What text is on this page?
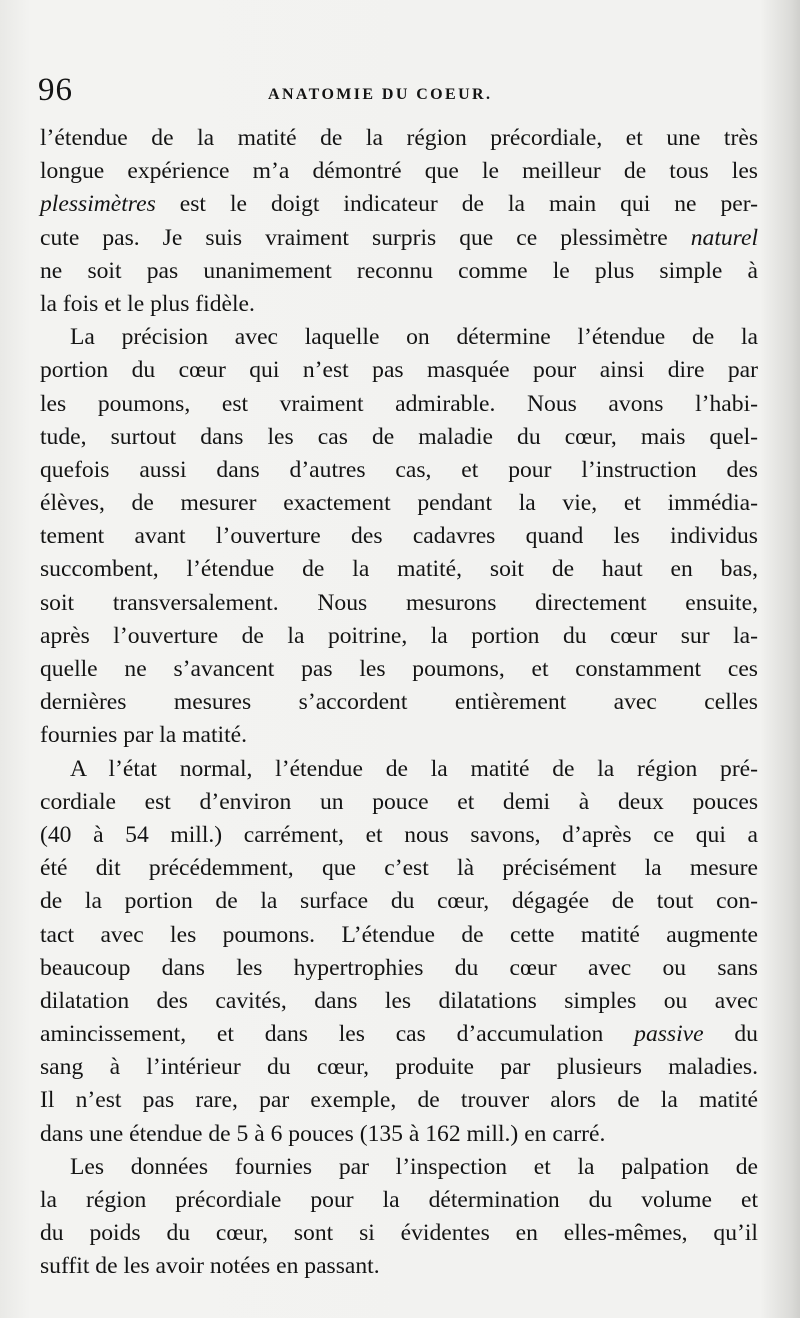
96	ANATOMIE DU COEUR.
l’étendue de la matité de la région précordiale, et une très
longue expérience m’a démontré que le meilleur de tous les
plessimètres est le doigt indicateur de la main qui ne per-
cute pas. Je suis vraiment surpris que ce plessimètre naturel
ne soit pas unanimement reconnu comme le plus simple à
la fois et le plus fidèle.
La précision avec laquelle on détermine l’étendue de la
portion du cœur qui n’est pas masquée pour ainsi dire par
les poumons, est vraiment admirable. Nous avons l’habi-
tude, surtout dans les cas de maladie du cœur, mais quel-
quefois aussi dans d’autres cas, et pour l’instruction des
élèves, de mesurer exactement pendant la vie, et immédia-
tement avant l’ouverture des cadavres quand les individus
succombent, l’étendue de la matité, soit de haut en bas,
soit transversalement. Nous mesurons directement ensuite,
après l’ouverture de la poitrine, la portion du cœur sur la-
quelle ne s’avancent pas les poumons, et constamment ces
dernières mesures s’accordent entièrement avec celles
fournies par la matité.
A l’état normal, l’étendue de la matité de la région pré-
cordiale est d’environ un pouce et demi à deux pouces
(40 à 54 mill.) carrément, et nous savons, d’après ce qui a
été dit précédemment, que c’est là précisément la mesure
de la portion de la surface du cœur, dégagée de tout con-
tact avec les poumons. L’étendue de cette matité augmente
beaucoup dans les hypertrophies du cœur avec ou sans
dilatation des cavités, dans les dilatations simples ou avec
amincissement, et dans les cas d’accumulation passive du
sang à l’intérieur du cœur, produite par plusieurs maladies.
Il n’est pas rare, par exemple, de trouver alors de la matité
dans une étendue de 5 à 6 pouces (135 à 162 mill.) en carré.
Les données fournies par l’inspection et la palpation de
la région précordiale pour la détermination du volume et
du poids du cœur, sont si évidentes en elles-mêmes, qu’il
suffit de les avoir notées en passant.
